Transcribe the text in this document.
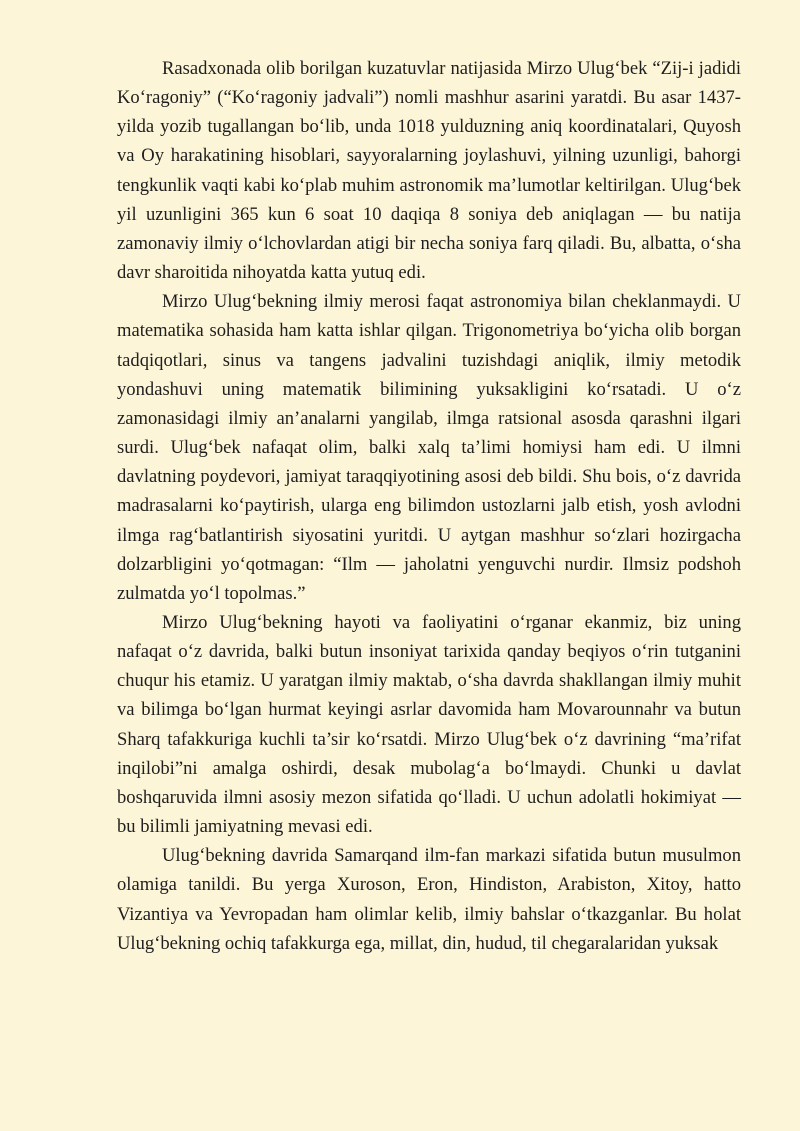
Rasadxonada olib borilgan kuzatuvlar natijasida Mirzo Ulug‘bek “Zij-i jadidi Ko‘ragoniy” (“Ko‘ragoniy jadvali”) nomli mashhur asarini yaratdi. Bu asar 1437-yilda yozib tugallangan bo‘lib, unda 1018 yulduzning aniq koordinatalari, Quyosh va Oy harakatining hisoblari, sayyoralarning joylashuvi, yilning uzunligi, bahorgi tengkunlik vaqti kabi ko‘plab muhim astronomik ma’lumotlar keltirilgan. Ulug‘bek yil uzunligini 365 kun 6 soat 10 daqiqa 8 soniya deb aniqlagan — bu natija zamonaviy ilmiy o‘lchovlardan atigi bir necha soniya farq qiladi. Bu, albatta, o‘sha davr sharoitida nihoyatda katta yutuq edi.

Mirzo Ulug‘bekning ilmiy merosi faqat astronomiya bilan cheklanmaydi. U matematika sohasida ham katta ishlar qilgan. Trigonometriya bo‘yicha olib borgan tadqiqotlari, sinus va tangens jadvalini tuzishdagi aniqlik, ilmiy metodik yondashuvi uning matematik bilimining yuksakligini ko‘rsatadi. U o‘z zamonasidagi ilmiy an’analarni yangilab, ilmga ratsional asosda qarashni ilgari surdi. Ulug‘bek nafaqat olim, balki xalq ta’limi homiysi ham edi. U ilmni davlatning poydevori, jamiyat taraqqiyotining asosi deb bildi. Shu bois, o‘z davrida madrasalarni ko‘paytirish, ularga eng bilimdon ustozlarni jalb etish, yosh avlodni ilmga rag‘batlantirish siyosatini yuritdi. U aytgan mashhur so‘zlari hozirgacha dolzarbligini yo‘qotmagan: “Ilm — jaholatni yenguvchi nurdir. Ilmsiz podshoh zulmatda yo‘l topolmas.”

Mirzo Ulug‘bekning hayoti va faoliyatini o‘rganar ekanmiz, biz uning nafaqat o‘z davrida, balki butun insoniyat tarixida qanday beqiyos o‘rin tutganini chuqur his etamiz. U yaratgan ilmiy maktab, o‘sha davrda shakllangan ilmiy muhit va bilimga bo‘lgan hurmat keyingi asrlar davomida ham Movarounnahr va butun Sharq tafakkuriga kuchli ta’sir ko‘rsatdi. Mirzo Ulug‘bek o‘z davrining “ma’rifat inqilobi”ni amalga oshirdi, desak mubolag‘a bo‘lmaydi. Chunki u davlat boshqaruvida ilmni asosiy mezon sifatida qo‘lladi. U uchun adolatli hokimiyat — bu bilimli jamiyatning mevasi edi.

Ulug‘bekning davrida Samarqand ilm-fan markazi sifatida butun musulmon olamiga tanildi. Bu yerga Xuroson, Eron, Hindiston, Arabiston, Xitoy, hatto Vizantiya va Yevropadan ham olimlar kelib, ilmiy bahslar o‘tkazganlar. Bu holat Ulug‘bekning ochiq tafakkurga ega, millat, din, hudud, til chegaralaridan yuksak
